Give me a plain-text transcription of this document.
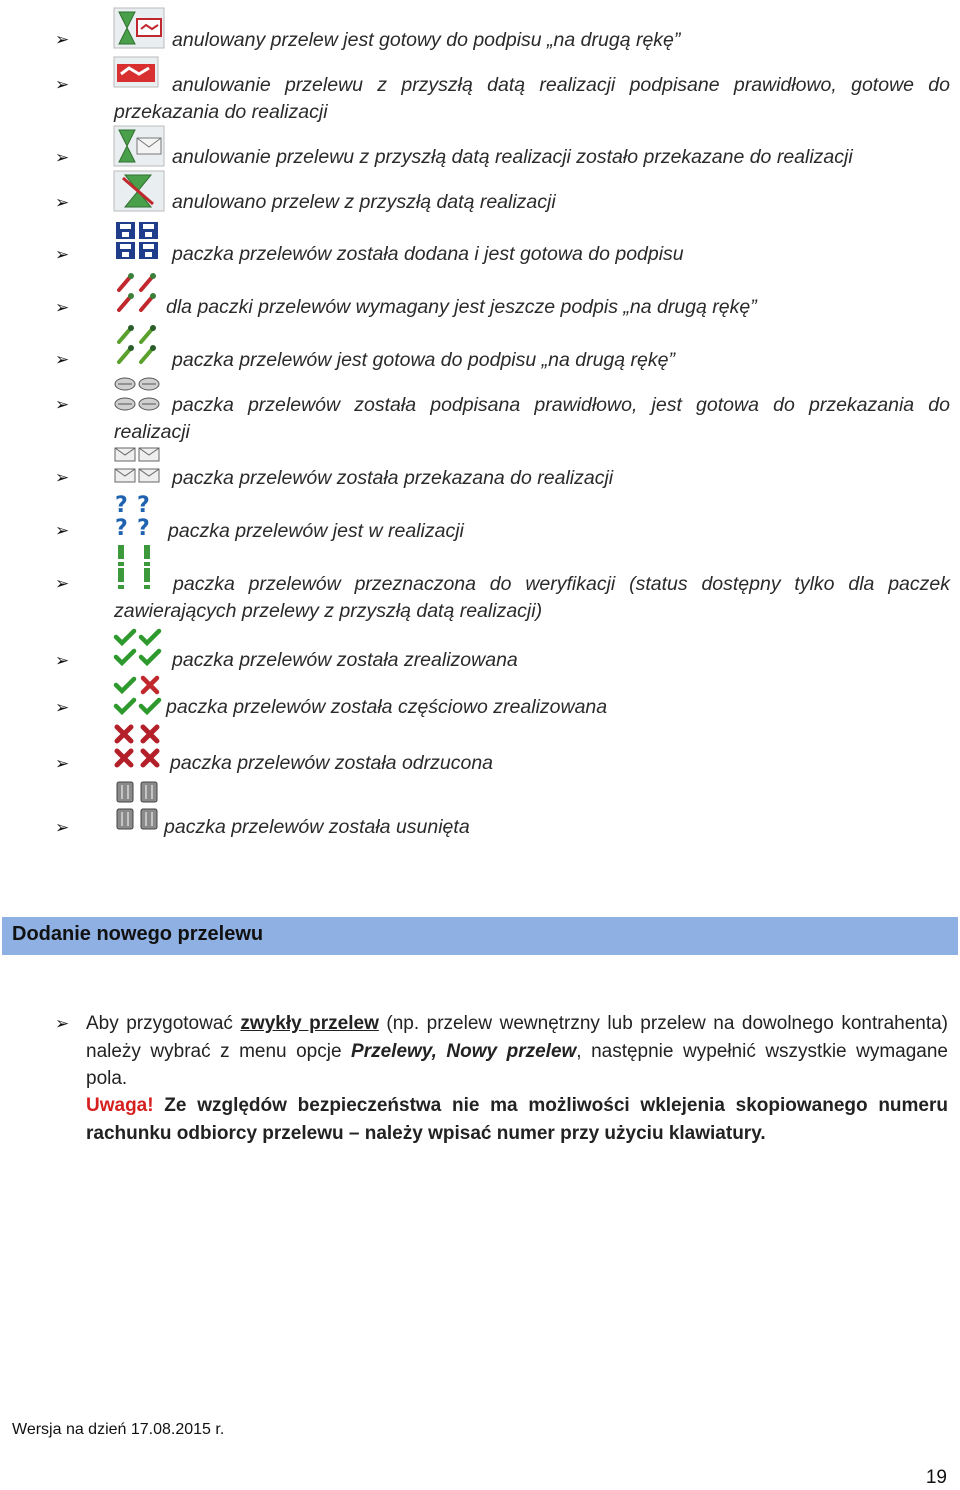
➢	anulowany przelew jest gotowy do podpisu „na drugą rękę”
➢	anulowanie przelewu z przyszłą datą realizacji podpisane prawidłowo, gotowe do przekazania do realizacji
➢	anulowanie przelewu z przyszłą datą realizacji zostało przekazane do realizacji
➢	anulowano przelew z przyszłą datą realizacji
➢	paczka przelewów została dodana i jest gotowa do podpisu
➢	dla paczki przelewów wymagany jest jeszcze podpis „na drugą rękę”
➢	paczka przelewów jest gotowa do podpisu „na drugą rękę”
➢	paczka przelewów została podpisana prawidłowo, jest gotowa do przekazania do realizacji
➢	paczka przelewów została przekazana do realizacji
➢
? ?
? ? paczka przelewów jest w realizacji
➢	paczka przelewów przeznaczona do weryfikacji (status dostępny tylko dla paczek zawierających przelewy z przyszłą datą realizacji)
➢	paczka przelewów została zrealizowana
➢	paczka przelewów została częściowo zrealizowana
➢	paczka przelewów została odrzucona
➢	paczka przelewów została usunięta
Dodanie nowego przelewu
➢ Aby przygotować zwykły przelew (np. przelew wewnętrzny lub przelew na dowolnego kontrahenta) należy wybrać z menu opcje Przelewy, Nowy przelew, następnie wypełnić wszystkie wymagane pola.
Uwaga! Ze względów bezpieczeństwa nie ma możliwości wklejenia skopiowanego numeru rachunku odbiorcy przelewu – należy wpisać numer przy użyciu klawiatury.
Wersja na dzień 17.08.2015 r.
19
